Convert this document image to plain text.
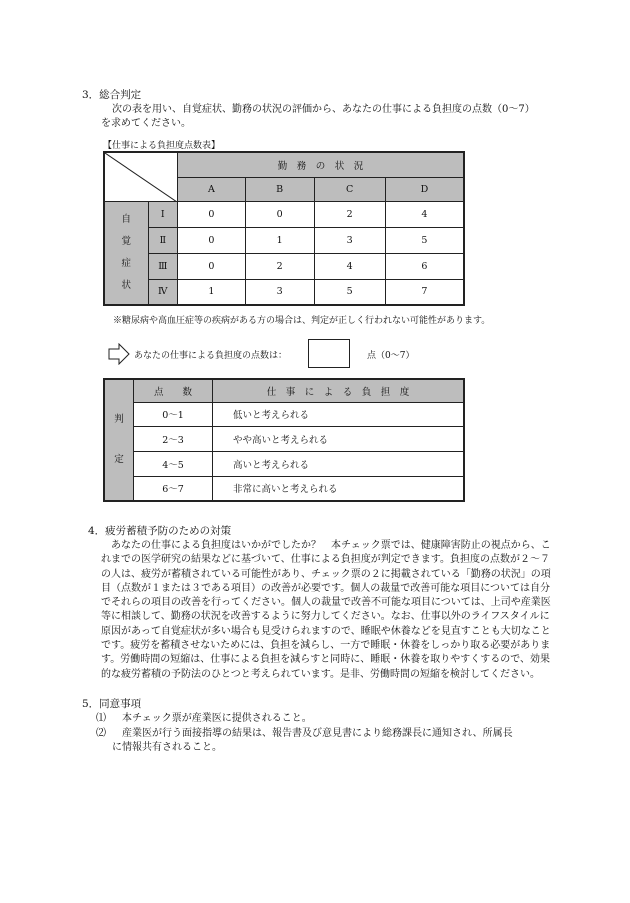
3．総合判定
次の表を用い、自覚症状、勤務の状況の評価から、あなたの仕事による負担度の点数（0～7）
を求めてください。
【仕事による負担度点数表】
	勤　務　の　状　況			
		A	B	C	D

自
覚
症
状	Ⅰ	0	0	2	4
	Ⅱ	0	1	3	5
	Ⅲ	0	2	4	6
	Ⅳ	1	3	5	7
※糖尿病や高血圧症等の疾病がある方の場合は、判定が正しく行われない可能性があります。
あなたの仕事による負担度の点数は：	点（0～7）
判
定	点　　数	仕　事　に　よ　る　負　担　度
	0～1	低いと考えられる
	2～3	やや高いと考えられる
	4～5	高いと考えられる
	6～7	非常に高いと考えられる
4．疲労蓄積予防のための対策
あなたの仕事による負担度はいかがでしたか？　本チェック票では、健康障害防止の視点から、こ
れまでの医学研究の結果などに基づいて、仕事による負担度が判定できます。負担度の点数が２～７
の人は、疲労が蓄積されている可能性があり、チェック票の２に掲載されている「勤務の状況」の項
目（点数が１または３である項目）の改善が必要です。個人の裁量で改善可能な項目については自分
でそれらの項目の改善を行ってください。個人の裁量で改善不可能な項目については、上司や産業医
等に相談して、勤務の状況を改善するように努力してください。なお、仕事以外のライフスタイルに
原因があって自覚症状が多い場合も見受けられますので、睡眠や休養などを見直すことも大切なこと
です。疲労を蓄積させないためには、負担を減らし、一方で睡眠・休養をしっかり取る必要がありま
す。労働時間の短縮は、仕事による負担を減らすと同時に、睡眠・休養を取りやすくするので、効果
的な疲労蓄積の予防法のひとつと考えられています。是非、労働時間の短縮を検討してください。
5．同意事項
⑴ 本チェック票が産業医に提供されること。
⑵ 産業医が行う面接指導の結果は、報告書及び意見書により総務課長に通知され、所属長
に情報共有されること。
